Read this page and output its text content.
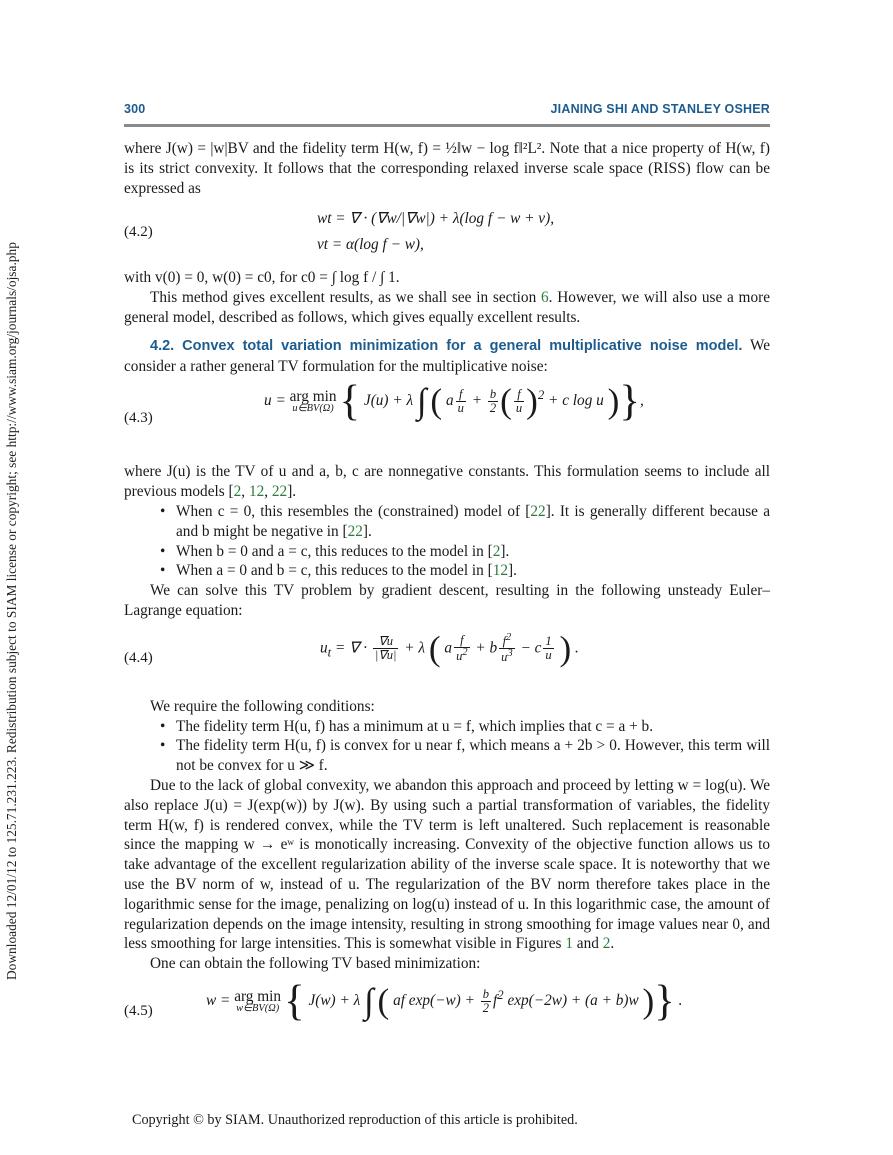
Downloaded 12/01/12 to 125.71.231.223. Redistribution subject to SIAM license or copyright; see http://www.siam.org/journals/ojsa.php
300	JIANING SHI AND STANLEY OSHER

where J(w) = |w|BV and the fidelity term H(w, f) = ½‖w − log f‖²L². Note that a nice property of H(w, f) is its strict convexity. It follows that the corresponding relaxed inverse scale space (RISS) flow can be expressed as

(4.2)
wt = ∇ · (∇w/|∇w|) + λ(log f − w + v),
vt = α(log f − w),

with v(0) = 0, w(0) = c0, for c0 = ∫ log f / ∫ 1.

This method gives excellent results, as we shall see in section 6. However, we will also use a more general model, described as follows, which gives equally excellent results.

4.2. Convex total variation minimization for a general multiplicative noise model. We consider a rather general TV formulation for the multiplicative noise:

(4.3)
u = arg min
u∈BV(Ω) { J(u) + λ ∫ ( a $\frac{f}{u} + \frac{b}{2}$ ( $\frac{f}{u} )^2 + c$ log u )},

where J(u) is the TV of u and a, b, c are nonnegative constants. This formulation seems to include all previous models [2, 12, 22].

• When c = 0, this resembles the (constrained) model of [22]. It is generally different because a and b might be negative in [22].

• When b = 0 and a = c, this reduces to the model in [2].

• When a = 0 and b = c, this reduces to the model in [12].

We can solve this TV problem by gradient descent, resulting in the following unsteady Euler–Lagrange equation:

(4.4)
$u_t$ = ∇ · $\frac{\nabla u}{|\nabla u|} + \lambda$ ( a $\frac{f}{u^2} + b \frac{f^2}{u^3} - c \frac{1}{u}$ ) .

We require the following conditions:

• The fidelity term H(u, f) has a minimum at u = f, which implies that c = a + b.

• The fidelity term H(u, f) is convex for u near f, which means a + 2b > 0. However, this term will not be convex for u ≫ f.

Due to the lack of global convexity, we abandon this approach and proceed by letting w = log(u). We also replace J(u) = J(exp(w)) by J(w). By using such a partial transformation of variables, the fidelity term H(w, f) is rendered convex, while the TV term is left unaltered. Such replacement is reasonable since the mapping w → eʷ is monotically increasing. Convexity of the objective function allows us to take advantage of the excellent regularization ability of the inverse scale space. It is noteworthy that we use the BV norm of w, instead of u. The regularization of the BV norm therefore takes place in the logarithmic sense for the image, penalizing on log(u) instead of u. In this logarithmic case, the amount of regularization depends on the image intensity, resulting in strong smoothing for image values near 0, and less smoothing for large intensities. This is somewhat visible in Figures 1 and 2.

One can obtain the following TV based minimization:

(4.5)
w = arg min
w∈BV(Ω) { J(w) + λ ∫ ( af $\exp(-w) + \frac{b}{2} f^2$ exp(−2w) + (a + b)w )} .
Copyright © by SIAM. Unauthorized reproduction of this article is prohibited.
